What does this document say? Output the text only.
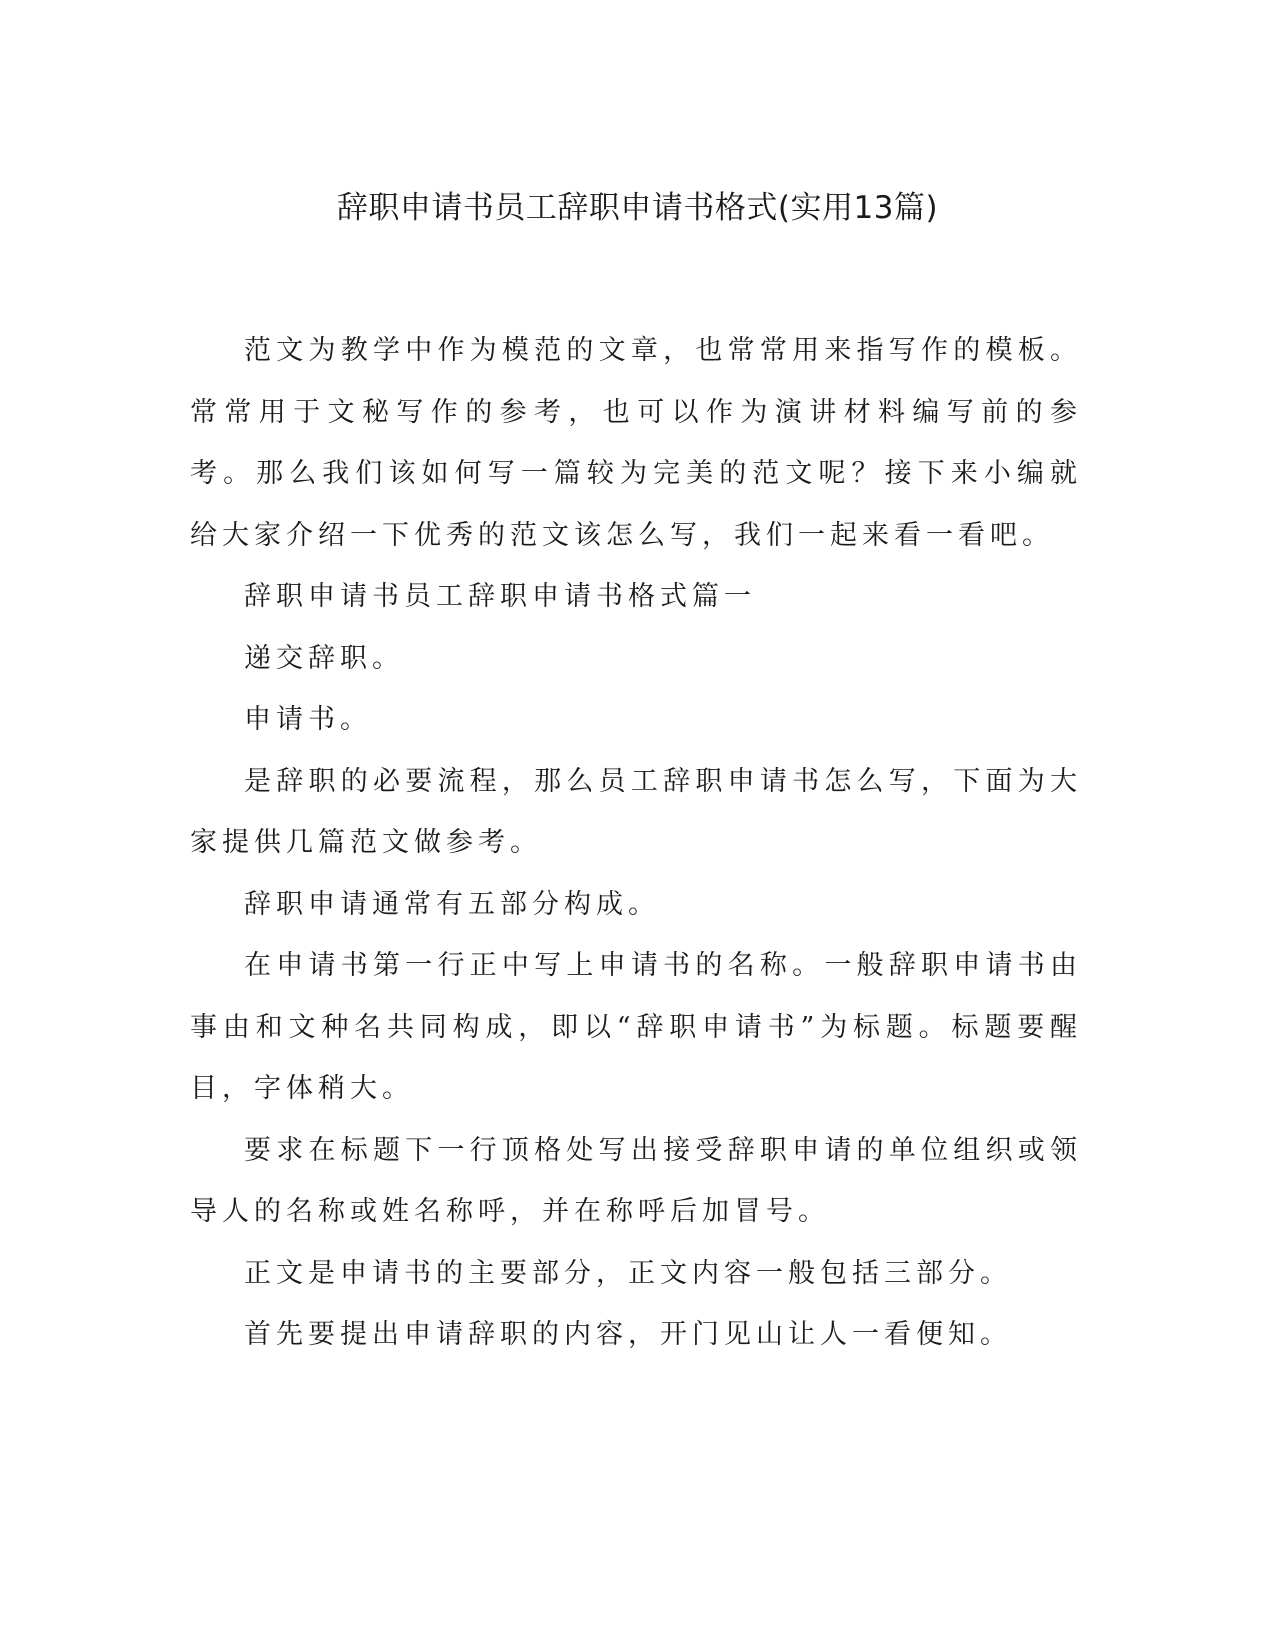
辞职申请书员工辞职申请书格式(实用13篇)

范文为教学中作为模范的文章，也常常用来指写作的模板。常常用于文秘写作的参考，也可以作为演讲材料编写前的参考。那么我们该如何写一篇较为完美的范文呢？接下来小编就给大家介绍一下优秀的范文该怎么写，我们一起来看一看吧。

辞职申请书员工辞职申请书格式篇一

递交辞职。

申请书。

是辞职的必要流程，那么员工辞职申请书怎么写，下面为大家提供几篇范文做参考。

辞职申请通常有五部分构成。

在申请书第一行正中写上申请书的名称。一般辞职申请书由事由和文种名共同构成，即以“辞职申请书”为标题。标题要醒目，字体稍大。

要求在标题下一行顶格处写出接受辞职申请的单位组织或领导人的名称或姓名称呼，并在称呼后加冒号。

正文是申请书的主要部分，正文内容一般包括三部分。

首先要提出申请辞职的内容，开门见山让人一看便知。
